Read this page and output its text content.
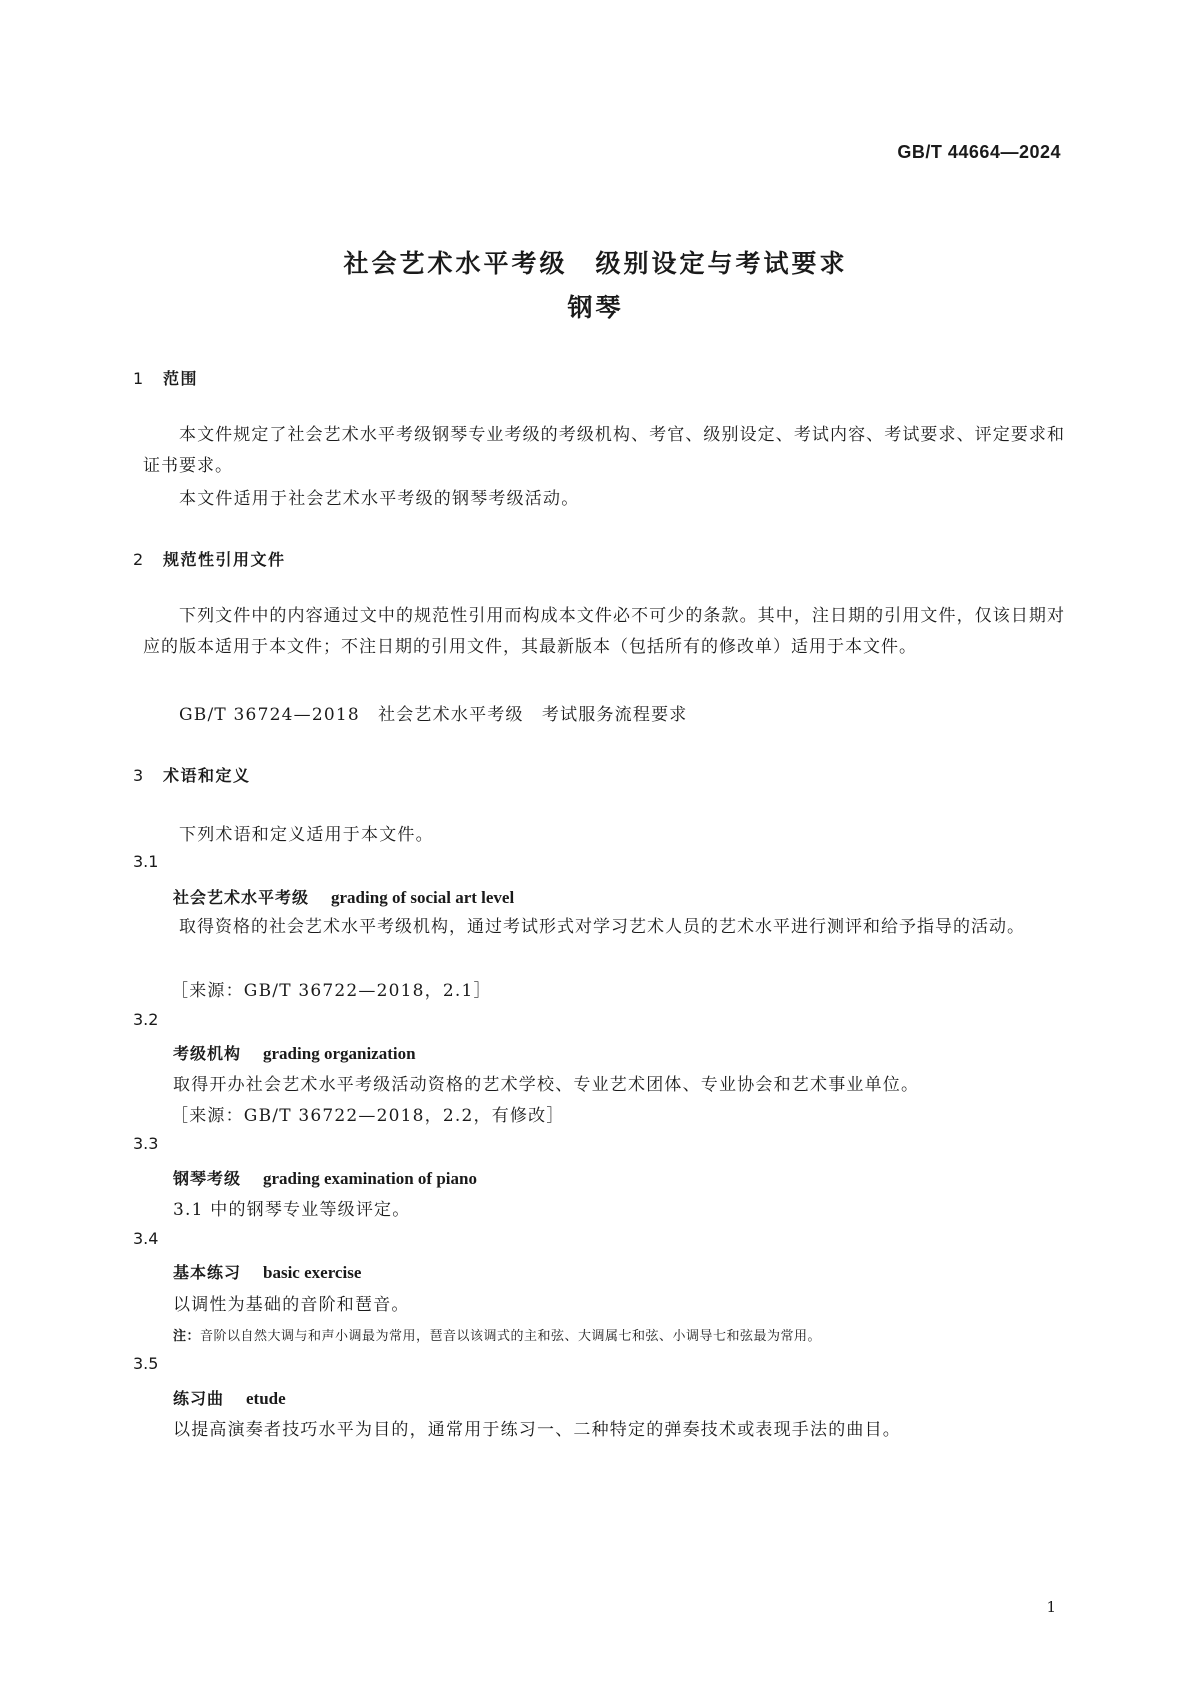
GB/T 44664—2024
社会艺术水平考级　级别设定与考试要求
钢琴
1 范围
本文件规定了社会艺术水平考级钢琴专业考级的考级机构、考官、级别设定、考试内容、考试要求、评定要求和证书要求。
本文件适用于社会艺术水平考级的钢琴考级活动。
2 规范性引用文件
下列文件中的内容通过文中的规范性引用而构成本文件必不可少的条款。其中，注日期的引用文件，仅该日期对应的版本适用于本文件；不注日期的引用文件，其最新版本（包括所有的修改单）适用于本文件。
GB/T 36724—2018　社会艺术水平考级　考试服务流程要求
3 术语和定义
下列术语和定义适用于本文件。
3.1
社会艺术水平考级 grading of social art level
取得资格的社会艺术水平考级机构，通过考试形式对学习艺术人员的艺术水平进行测评和给予指导的活动。
［来源：GB/T 36722—2018，2.1］
3.2
考级机构 grading organization
取得开办社会艺术水平考级活动资格的艺术学校、专业艺术团体、专业协会和艺术事业单位。
［来源：GB/T 36722—2018，2.2，有修改］
3.3
钢琴考级 grading examination of piano
3.1 中的钢琴专业等级评定。
3.4
基本练习 basic exercise
以调性为基础的音阶和琶音。
注：音阶以自然大调与和声小调最为常用，琶音以该调式的主和弦、大调属七和弦、小调导七和弦最为常用。
3.5
练习曲 etude
以提高演奏者技巧水平为目的，通常用于练习一、二种特定的弹奏技术或表现手法的曲目。
1
